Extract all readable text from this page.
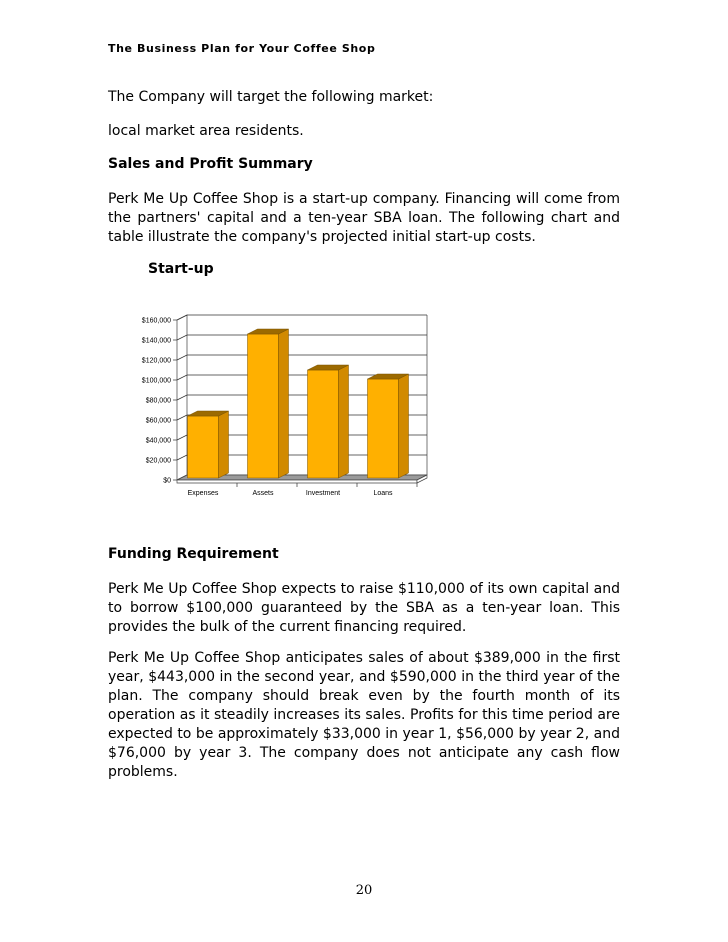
The Business Plan for Your Coffee Shop

The Company will target the following market:

local market area residents.

Sales and Profit Summary

Perk Me Up Coffee Shop is a start-up company. Financing will come from the partners' capital and a ten-year SBA loan. The following chart and table illustrate the company's projected initial start-up costs.

Start-up
$0
$20,000
$40,000
$60,000
$80,000
$100,000
$120,000
$140,000
$160,000
Expenses	Assets	Investment	Loans

Funding Requirement

Perk Me Up Coffee Shop expects to raise $110,000 of its own capital and to borrow $100,000 guaranteed by the SBA as a ten-year loan. This provides the bulk of the current financing required.

Perk Me Up Coffee Shop anticipates sales of about $389,000 in the first year, $443,000 in the second year, and $590,000 in the third year of the plan. The company should break even by the fourth month of its operation as it steadily increases its sales. Profits for this time period are expected to be approximately $33,000 in year 1, $56,000 by year 2, and $76,000 by year 3. The company does not anticipate any cash flow problems.

20
